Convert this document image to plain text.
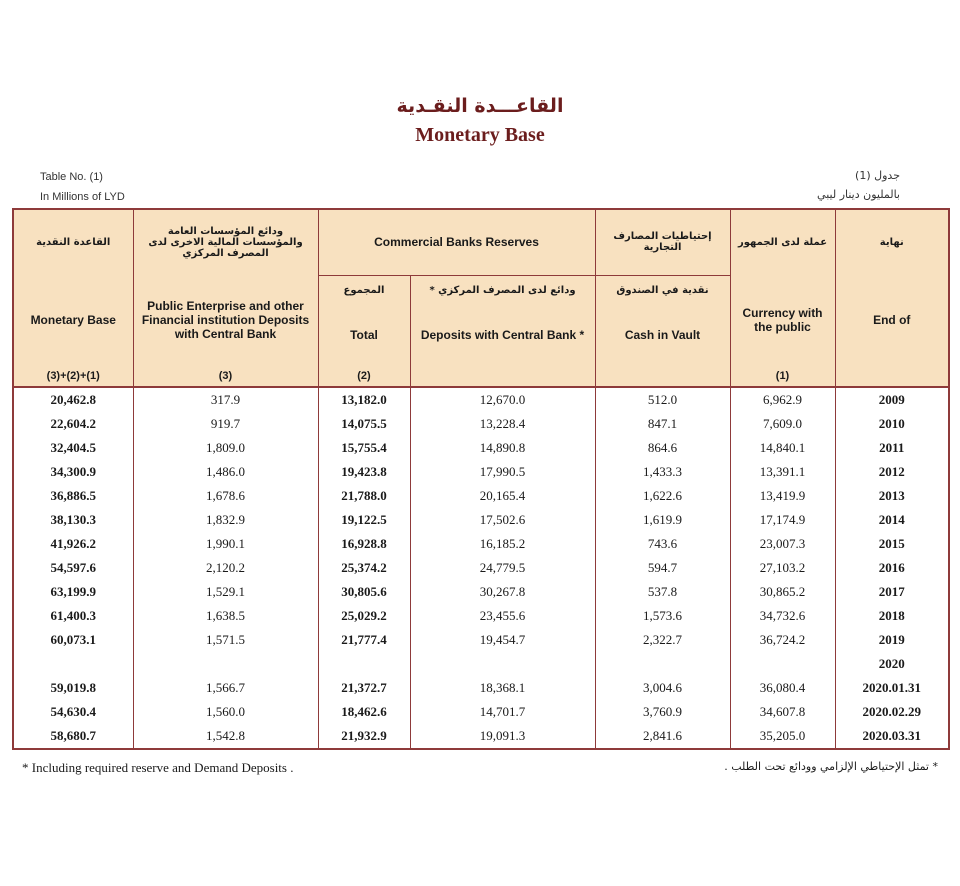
القاعـــدة النقـدية
Monetary Base
Table No. (1)
In Millions of LYD
جدول (1)
بالمليون دينار ليبي
القاعدة النقدية	ودائع المؤسسات العامة والمؤسسات المالية الاخرى لدى المصرف المركزي	Commercial Banks Reserves		إحتياطيات المصارف التجارية	عملة لدى الجمهور	نهاية
Monetary Base	Public Enterprise and other Financial institution Deposits with Central Bank	المجموع	ودائع لدى المصرف المركزي *	نقدية في الصندوق	Currency with the public	End of
		Total	Deposits with Central Bank *	Cash in Vault		
(3)+(2)+(1)	(3)	(2)			(1)	
20,462.8	317.9	13,182.0	12,670.0	512.0	6,962.9	2009
22,604.2	919.7	14,075.5	13,228.4	847.1	7,609.0	2010
32,404.5	1,809.0	15,755.4	14,890.8	864.6	14,840.1	2011
34,300.9	1,486.0	19,423.8	17,990.5	1,433.3	13,391.1	2012
36,886.5	1,678.6	21,788.0	20,165.4	1,622.6	13,419.9	2013
38,130.3	1,832.9	19,122.5	17,502.6	1,619.9	17,174.9	2014
41,926.2	1,990.1	16,928.8	16,185.2	743.6	23,007.3	2015
54,597.6	2,120.2	25,374.2	24,779.5	594.7	27,103.2	2016
63,199.9	1,529.1	30,805.6	30,267.8	537.8	30,865.2	2017
61,400.3	1,638.5	25,029.2	23,455.6	1,573.6	34,732.6	2018
60,073.1	1,571.5	21,777.4	19,454.7	2,322.7	36,724.2	2019
						2020
59,019.8	1,566.7	21,372.7	18,368.1	3,004.6	36,080.4	2020.01.31
54,630.4	1,560.0	18,462.6	14,701.7	3,760.9	34,607.8	2020.02.29
58,680.7	1,542.8	21,932.9	19,091.3	2,841.6	35,205.0	2020.03.31
* Including required reserve and Demand Deposits .	* تمثل الإحتياطي الإلزامي وودائع تحت الطلب .
